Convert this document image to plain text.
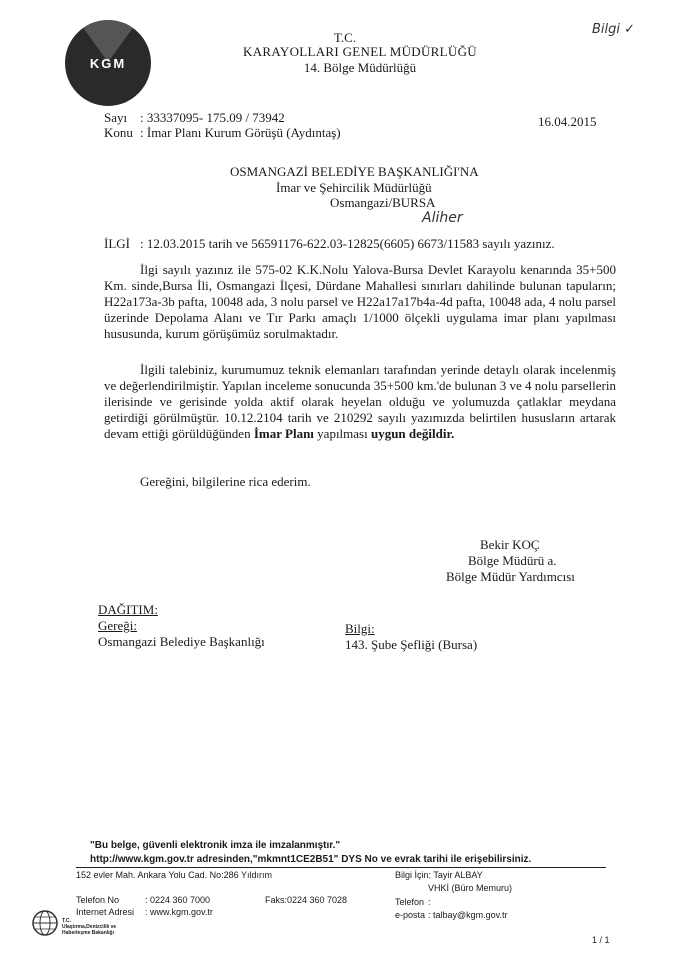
KGM
T.C.
KARAYOLLARI GENEL MÜDÜRLÜĞÜ
14. Bölge Müdürlüğü
Bilgi ✓
Sayı : 33337095- 175.09 / 73942	16.04.2015
Konu : İmar Planı Kurum Görüşü (Aydıntaş)
OSMANGAZİ BELEDİYE BAŞKANLIĞI'NA
İmar ve Şehircilik Müdürlüğü
Osmangazi/BURSA
Aliher
İLGİ : 12.03.2015 tarih ve 56591176-622.03-12825(6605) 6673/11583 sayılı yazınız.
İlgi sayılı yazınız ile 575-02 K.K.Nolu Yalova-Bursa Devlet Karayolu kenarında 35+500 Km. sinde,Bursa İli, Osmangazi İlçesi, Dürdane Mahallesi sınırları dahilinde bulunan tapuların; H22a173a-3b pafta, 10048 ada, 3 nolu parsel ve H22a17a17b4a-4d pafta, 10048 ada, 4 nolu parsel üzerinde Depolama Alanı ve Tır Parkı amaçlı 1/1000 ölçekli uygulama imar planı yapılması hususunda, kurum görüşümüz sorulmaktadır.
İlgili talebiniz, kurumumuz teknik elemanları tarafından yerinde detaylı olarak incelenmiş ve değerlendirilmiştir. Yapılan inceleme sonucunda 35+500 km.'de bulunan 3 ve 4 nolu parsellerin ilerisinde ve gerisinde yolda aktif olarak heyelan olduğu ve yolumuzda çatlaklar meydana getirdiği görülmüştür. 10.12.2104 tarih ve 210292 sayılı yazımızda belirtilen hususların artarak devam ettiği görüldüğünden İmar Planı yapılması uygun değildir.
Gereğini, bilgilerine rica ederim.
Bekir KOÇ
Bölge Müdürü a.
Bölge Müdür Yardımcısı
DAĞITIM:
Gereği:
Osmangazi Belediye Başkanlığı
Bilgi:
143. Şube Şefliği (Bursa)
"Bu belge, güvenli elektronik imza ile imzalanmıştır."
http://www.kgm.gov.tr adresinden,"mkmnt1CE2B51" DYS No ve evrak tarihi ile erişebilirsiniz.
152 evler Mah. Ankara Yolu Cad. No:286 Yıldırım	Bilgi İçin: Tayir ALBAY
VHKİ (Büro Memuru)
Telefon No	: 0224 360 7000	Faks:0224 360 7028	Telefon :
Internet Adresi : www.kgm.gov.tr	e-posta : talbay@kgm.gov.tr
T.C.
Ulaştırma,Denizcilik ve
Haberleşme Bakanlığı
1 / 1
